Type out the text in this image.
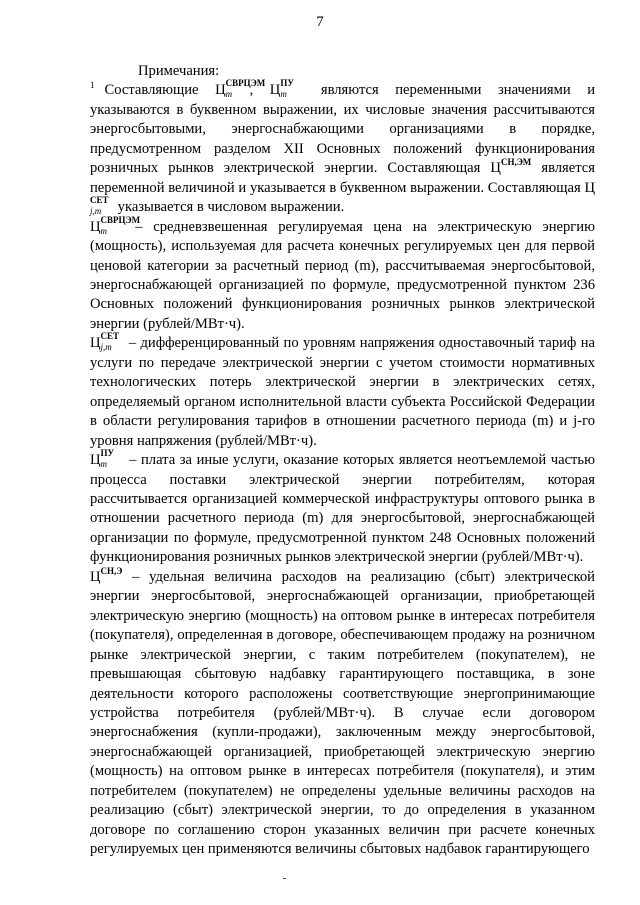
7

Примечания:

$^1$ Составляющие Ц СВРЦЭМ
m , Ц ПУ
m являются переменными значениями и указываются в буквенном выражении, их числовые значения рассчитываются энергосбытовыми, энергоснабжающими организациями в порядке, предусмотренном разделом XII Основных положений функционирования розничных рынков электрической энергии. Составляющая $Ц^{СН,ЭМ}$ является переменной величиной и указывается в буквенном выражении. Составляющая Ц
СЕТ
j,m указывается в числовом выражении.

Ц СВРЦЭМ
m – средневзвешенная регулируемая цена на электрическую энергию (мощность), используемая для расчета конечных регулируемых цен для первой ценовой категории за расчетный период (m), рассчитываемая энергосбытовой, энергоснабжающей организацией по формуле, предусмотренной пунктом 236 Основных положений функционирования розничных рынков электрической энергии (рублей/МВт·ч).

Ц СЕТ
j,m – дифференцированный по уровням напряжения одноставочный тариф на услуги по передаче электрической энергии с учетом стоимости нормативных технологических потерь электрической энергии в электрических сетях, определяемый органом исполнительной власти субъекта Российской Федерации в области регулирования тарифов в отношении расчетного периода (m) и j-го уровня напряжения (рублей/МВт·ч).

Ц ПУ
m – плата за иные услуги, оказание которых является неотъемлемой частью процесса поставки электрической энергии потребителям, которая рассчитывается организацией коммерческой инфраструктуры оптового рынка в отношении расчетного периода (m) для энергосбытовой, энергоснабжающей организации по формуле, предусмотренной пунктом 248 Основных положений функционирования розничных рынков электрической энергии (рублей/МВт·ч).

$Ц^{СН,Э}$ – удельная величина расходов на реализацию (сбыт) электрической энергии энергосбытовой, энергоснабжающей организации, приобретающей электрическую энергию (мощность) на оптовом рынке в интересах потребителя (покупателя), определенная в договоре, обеспечивающем продажу на розничном рынке электрической энергии, с таким потребителем (покупателем), не превышающая сбытовую надбавку гарантирующего поставщика, в зоне деятельности которого расположены соответствующие энергопринимающие устройства потребителя (рублей/МВт·ч). В случае если договором энергоснабжения (купли-продажи), заключенным между энергосбытовой, энергоснабжающей организацией, приобретающей электрическую энергию (мощность) на оптовом рынке в интересах потребителя (покупателя), и этим потребителем (покупателем) не определены удельные величины расходов на реализацию (сбыт) электрической энергии, то до определения в указанном договоре по соглашению сторон указанных величин при расчете конечных регулируемых цен применяются величины сбытовых надбавок гарантирующего
